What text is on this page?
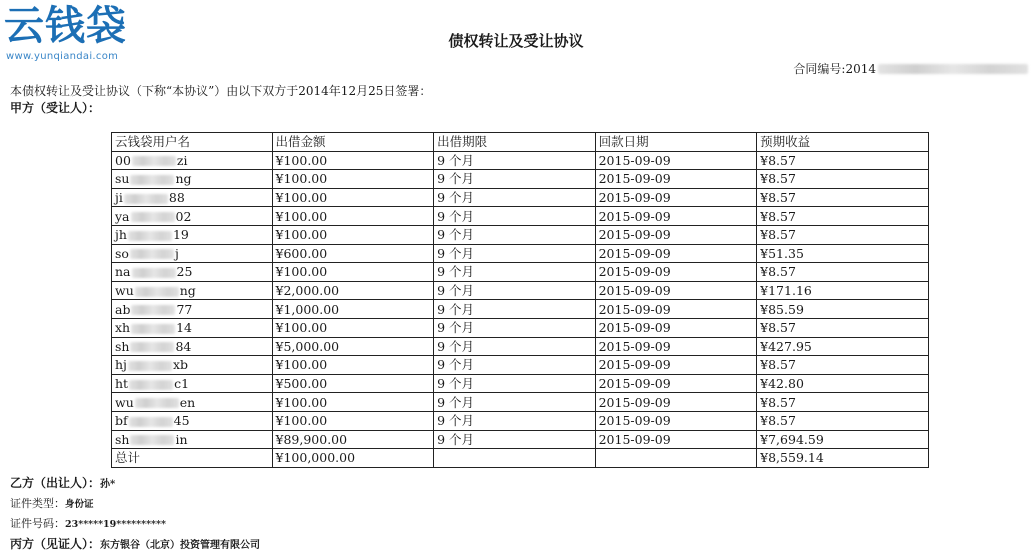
云钱袋
www.yunqiandai.com
债权转让及受让协议
合同编号:2014
本债权转让及受让协议（下称“本协议”）由以下双方于2014年12月25日签署：
甲方（受让人）：
云钱袋用户名	出借金额	出借期限	回款日期	预期收益
00 zi	¥100.00	9 个月	2015-09-09	¥8.57
su ng	¥100.00	9 个月	2015-09-09	¥8.57
ji 88	¥100.00	9 个月	2015-09-09	¥8.57
ya 02	¥100.00	9 个月	2015-09-09	¥8.57
jh 19	¥100.00	9 个月	2015-09-09	¥8.57
so j	¥600.00	9 个月	2015-09-09	¥51.35
na 25	¥100.00	9 个月	2015-09-09	¥8.57
wu ng	¥2,000.00	9 个月	2015-09-09	¥171.16
ab 77	¥1,000.00	9 个月	2015-09-09	¥85.59
xh 14	¥100.00	9 个月	2015-09-09	¥8.57
sh 84	¥5,000.00	9 个月	2015-09-09	¥427.95
hj xb	¥100.00	9 个月	2015-09-09	¥8.57
ht c1	¥500.00	9 个月	2015-09-09	¥42.80
wu en	¥100.00	9 个月	2015-09-09	¥8.57
bf 45	¥100.00	9 个月	2015-09-09	¥8.57
sh in	¥89,900.00	9 个月	2015-09-09	¥7,694.59
总计	¥100,000.00			¥8,559.14
乙方（出让人）：孙*
证件类型：身份证
证件号码：23*****19**********
丙方（见证人）：东方银谷（北京）投资管理有限公司
